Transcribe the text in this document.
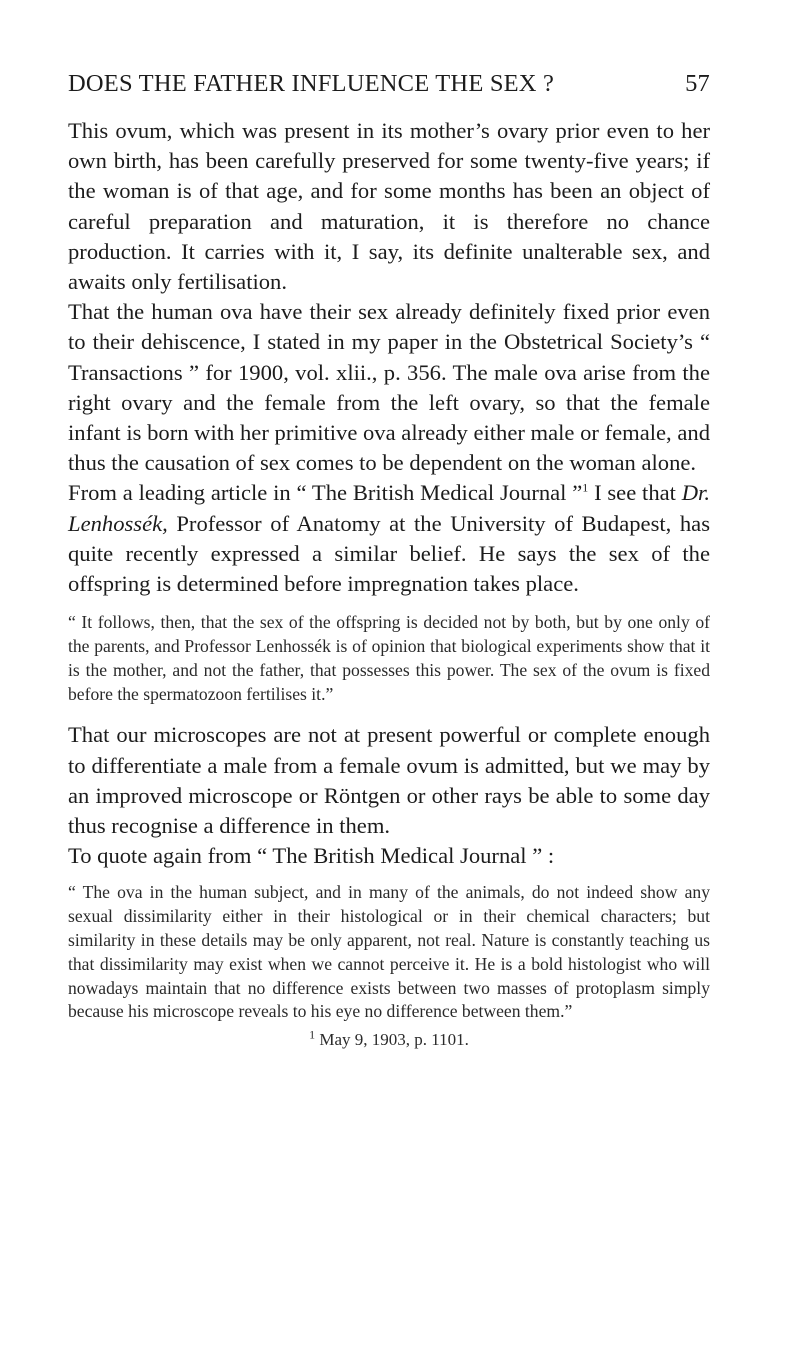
DOES THE FATHER INFLUENCE THE SEX ?	57

This ovum, which was present in its mother’s ovary prior even to her own birth, has been carefully preserved for some twenty-five years; if the woman is of that age, and for some months has been an object of careful preparation and maturation, it is therefore no chance production. It carries with it, I say, its definite unalterable sex, and awaits only fertilisation.

That the human ova have their sex already definitely fixed prior even to their dehiscence, I stated in my paper in the Obstetrical Society’s “ Transactions ” for 1900, vol. xlii., p. 356. The male ova arise from the right ovary and the female from the left ovary, so that the female infant is born with her primitive ova already either male or female, and thus the causation of sex comes to be dependent on the woman alone.

From a leading article in “ The British Medical Journal ”$^1$ I see that Dr. Lenhossék, Professor of Anatomy at the University of Budapest, has quite recently expressed a similar belief. He says the sex of the offspring is determined before impregnation takes place.

“ It follows, then, that the sex of the offspring is decided not by both, but by one only of the parents, and Professor Lenhossék is of opinion that biological experiments show that it is the mother, and not the father, that possesses this power. The sex of the ovum is fixed before the spermatozoon fertilises it.”

That our microscopes are not at present powerful or complete enough to differentiate a male from a female ovum is admitted, but we may by an improved microscope or Röntgen or other rays be able to some day thus recognise a difference in them.

To quote again from “ The British Medical Journal ” :

“ The ova in the human subject, and in many of the animals, do not indeed show any sexual dissimilarity either in their histological or in their chemical characters; but similarity in these details may be only apparent, not real. Nature is constantly teaching us that dissimilarity may exist when we cannot perceive it. He is a bold histologist who will nowadays maintain that no difference exists between two masses of protoplasm simply because his microscope reveals to his eye no difference between them.”

$^1$ May 9, 1903, p. 1101.
